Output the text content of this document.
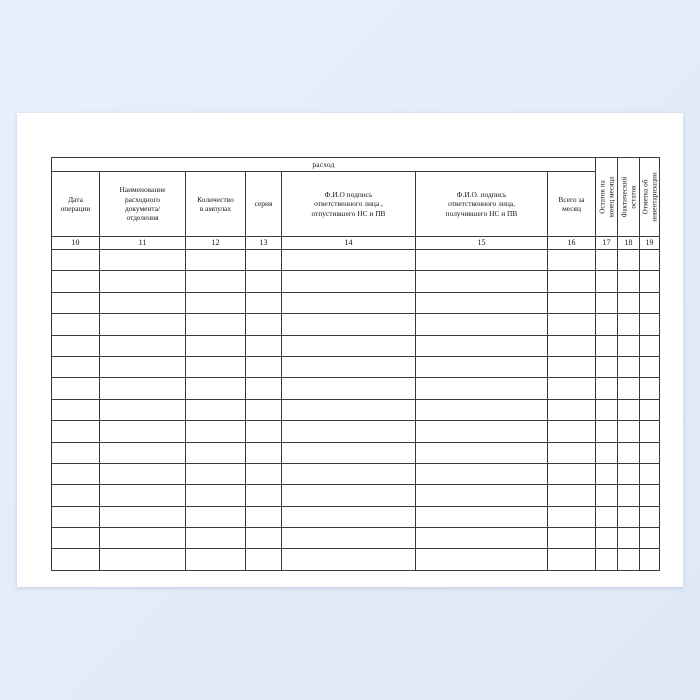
расход							Остаток на конец месяца	Фактический остаток	Отметка об инвентаризации

Дата
операции	Наименование
расходного
документа/
отделения	Количество
в ампулах	серия	Ф.И.О подпись
ответственного лица ,
отпустившего НС и ПВ	Ф.И.О. подпись
ответственного лица,
получившего НС и ПВ	Всего за
месяц			

10	11	12	13	14	15	16	17	18	19
